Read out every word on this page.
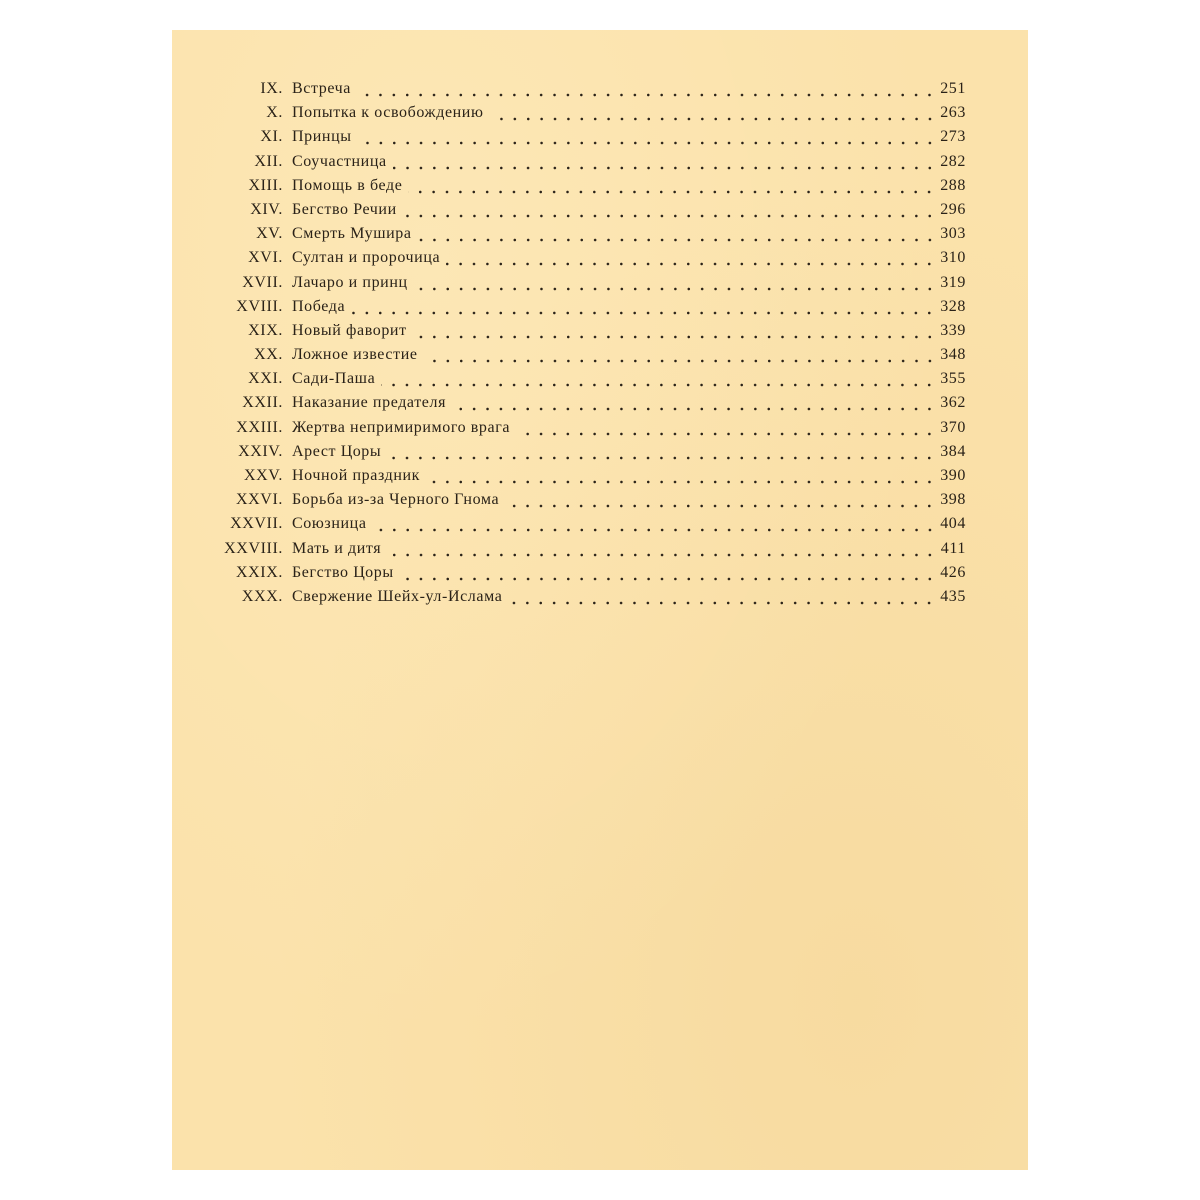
IX. Встреча	251
X. Попытка к освобождению	263
XI. Принцы	273
XII. Соучастница	282
XIII. Помощь в беде	288
XIV. Бегство Речии	296
XV. Смерть Мушира	303
XVI. Султан и пророчица	310
XVII. Лачаро и принц	319
XVIII. Победа	328
XIX. Новый фаворит	339
XX. Ложное известие	348
XXI. Сади-Паша	355
XXII. Наказание предателя	362
XXIII. Жертва непримиримого врага	370
XXIV. Арест Цоры	384
XXV. Ночной праздник	390
XXVI. Борьба из-за Черного Гнома	398
XXVII. Союзница	404
XXVIII. Мать и дитя	411
XXIX. Бегство Цоры	426
XXX. Свержение Шейх-ул-Ислама	435
